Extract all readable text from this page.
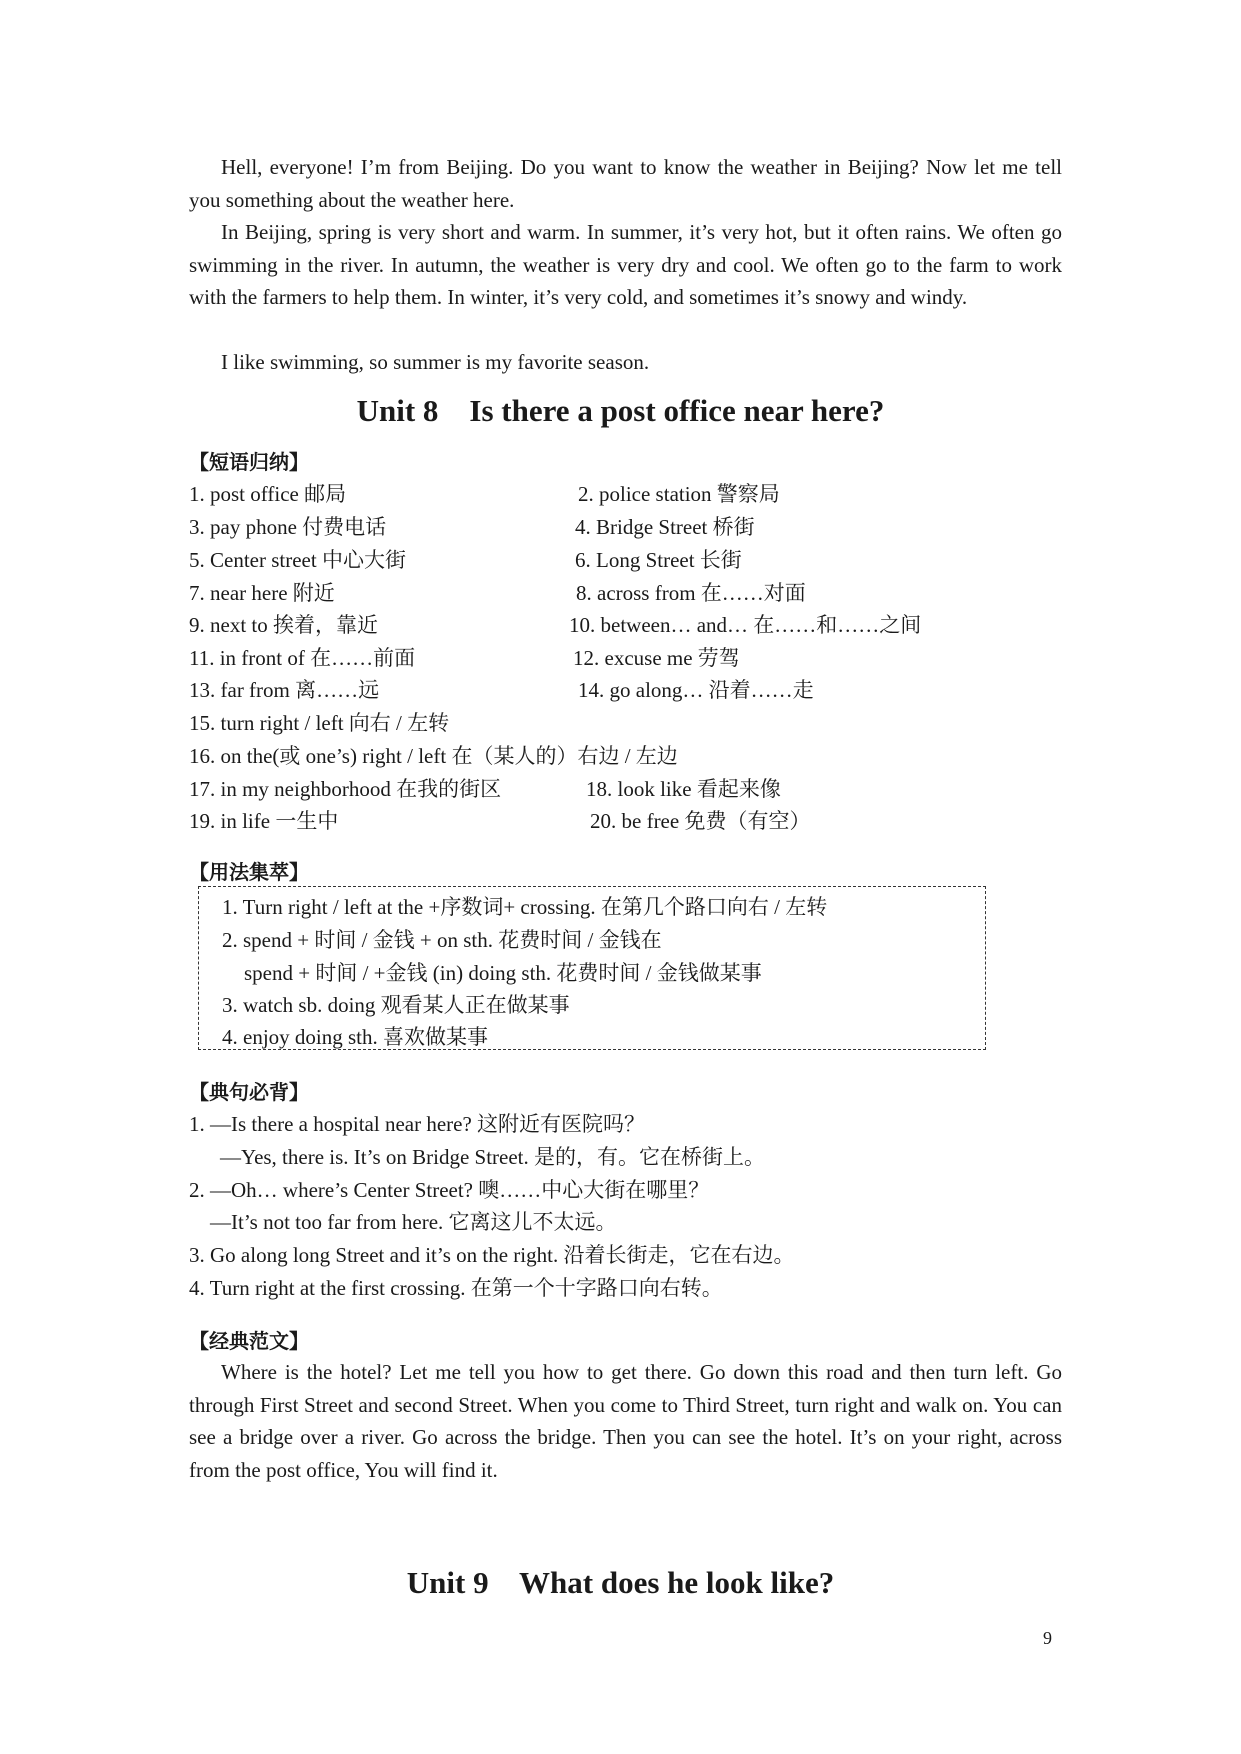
Hell, everyone! I’m from Beijing. Do you want to know the weather in Beijing? Now let me tell you something about the weather here.

In Beijing, spring is very short and warm. In summer, it’s very hot, but it often rains. We often go swimming in the river. In autumn, the weather is very dry and cool. We often go to the farm to work with the farmers to help them. In winter, it’s very cold, and sometimes it’s snowy and windy.

I like swimming, so summer is my favorite season.

Unit 8    Is there a post office near here?
【短语归纳】
1. post office 邮局	2. police station 警察局
3. pay phone 付费电话	4. Bridge Street 桥街
5. Center street 中心大街	6. Long Street 长街
7. near here 附近	8. across from 在……对面
9. next to 挨着，靠近	10. between… and… 在……和……之间
11. in front of 在……前面	12. excuse me 劳驾
13. far from 离……远	14. go along… 沿着……走
15. turn right / left 向右 / 左转
16. on the(或 one’s) right / left 在（某人的）右边 / 左边
17. in my neighborhood 在我的街区	18. look like 看起来像
19. in life 一生中	20. be free 免费（有空）
【用法集萃】
1. Turn right / left at the +序数词+ crossing. 在第几个路口向右 / 左转
2. spend + 时间 / 金钱 + on sth. 花费时间 / 金钱在
spend + 时间 / +金钱 (in) doing sth. 花费时间 / 金钱做某事
3. watch sb. doing 观看某人正在做某事
4. enjoy doing sth. 喜欢做某事
【典句必背】
1. —Is there a hospital near here? 这附近有医院吗？
—Yes, there is. It’s on Bridge Street. 是的，有。它在桥街上。
2. —Oh… where’s Center Street? 噢……中心大街在哪里？
—It’s not too far from here. 它离这儿不太远。
3. Go along long Street and it’s on the right. 沿着长街走，它在右边。
4. Turn right at the first crossing. 在第一个十字路口向右转。
【经典范文】

Where is the hotel? Let me tell you how to get there. Go down this road and then turn left. Go through First Street and second Street. When you come to Third Street, turn right and walk on. You can see a bridge over a river. Go across the bridge. Then you can see the hotel. It’s on your right, across from the post office, You will find it.

Unit 9    What does he look like?
9
